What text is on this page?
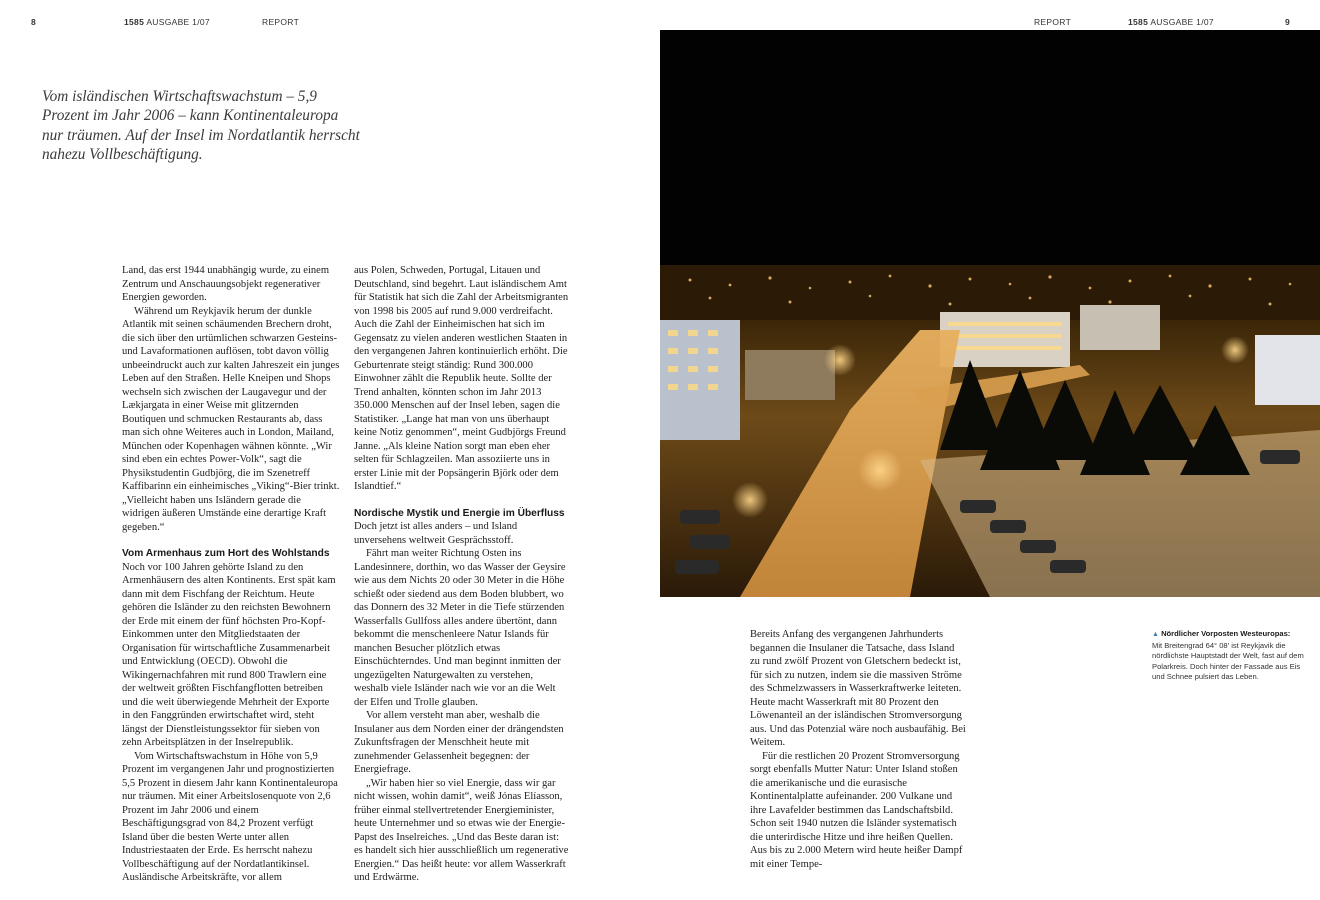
8	1585 AUSGABE 1/07	REPORT	REPORT	1585 AUSGABE 1/07	9

Vom isländischen Wirtschaftswachstum – 5,9 Prozent im Jahr 2006 – kann Kontinentaleuropa nur träumen. Auf der Insel im Nordatlantik herrscht nahezu Vollbeschäftigung.

Land, das erst 1944 unabhängig wurde, zu einem Zentrum und Anschauungsobjekt regenerativer Energien geworden.

Während um Reykjavik herum der dunkle Atlantik mit seinen schäumenden Brechern droht, die sich über den urtümlichen schwarzen Gesteins- und Lavaformationen auflösen, tobt davon völlig unbeeindruckt auch zur kalten Jahreszeit ein junges Leben auf den Straßen. Helle Kneipen und Shops wechseln sich zwischen der Laugavegur und der Lækjargata in einer Weise mit glitzernden Boutiquen und schmucken Restaurants ab, dass man sich ohne Weiteres auch in London, Mailand, München oder Kopenhagen wähnen könnte. „Wir sind eben ein echtes Power-Volk“, sagt die Physikstudentin Gudbjörg, die im Szenetreff Kaffibarinn ein einheimisches „Viking“-Bier trinkt. „Vielleicht haben uns Isländern gerade die widrigen äußeren Umstände eine derartige Kraft gegeben.“

Vom Armenhaus zum Hort des Wohlstands

Noch vor 100 Jahren gehörte Island zu den Armenhäusern des alten Kontinents. Erst spät kam dann mit dem Fischfang der Reichtum. Heute gehören die Isländer zu den reichsten Bewohnern der Erde mit einem der fünf höchsten Pro-Kopf-Einkommen unter den Mitgliedstaaten der Organisation für wirtschaftliche Zusammenarbeit und Entwicklung (OECD). Obwohl die Wikingernachfahren mit rund 800 Trawlern eine der weltweit größten Fischfangflotten betreiben und die weit überwiegende Mehrheit der Exporte in den Fanggründen erwirtschaftet wird, steht längst der Dienstleistungssektor für sieben von zehn Arbeitsplätzen in der Inselrepublik.

Vom Wirtschaftswachstum in Höhe von 5,9 Prozent im vergangenen Jahr und prognostizierten 5,5 Prozent in diesem Jahr kann Kontinentaleuropa nur träumen. Mit einer Arbeitslosenquote von 2,6 Prozent im Jahr 2006 und einem Beschäftigungsgrad von 84,2 Prozent verfügt Island über die besten Werte unter allen Industriestaaten der Erde. Es herrscht nahezu Vollbeschäftigung auf der Nordatlantikinsel. Ausländische Arbeitskräfte, vor allem

aus Polen, Schweden, Portugal, Litauen und Deutschland, sind begehrt. Laut isländischem Amt für Statistik hat sich die Zahl der Arbeitsmigranten von 1998 bis 2005 auf rund 9.000 verdreifacht. Auch die Zahl der Einheimischen hat sich im Gegensatz zu vielen anderen westlichen Staaten in den vergangenen Jahren kontinuierlich erhöht. Die Geburtenrate steigt ständig: Rund 300.000 Einwohner zählt die Republik heute. Sollte der Trend anhalten, könnten schon im Jahr 2013 350.000 Menschen auf der Insel leben, sagen die Statistiker. „Lange hat man von uns überhaupt keine Notiz genommen“, meint Gudbjörgs Freund Janne. „Als kleine Nation sorgt man eben eher selten für Schlagzeilen. Man assoziierte uns in erster Linie mit der Popsängerin Björk oder dem Islandtief.“

Nordische Mystik und Energie im Überfluss

Doch jetzt ist alles anders – und Island unversehens weltweit Gesprächsstoff.

Fährt man weiter Richtung Osten ins Landesinnere, dorthin, wo das Wasser der Geysire wie aus dem Nichts 20 oder 30 Meter in die Höhe schießt oder siedend aus dem Boden blubbert, wo das Donnern des 32 Meter in die Tiefe stürzenden Wasserfalls Gullfoss alles andere übertönt, dann bekommt die menschenleere Natur Islands für manchen Besucher plötzlich etwas Einschüchterndes. Und man beginnt inmitten der ungezügelten Naturgewalten zu verstehen, weshalb viele Isländer nach wie vor an die Welt der Elfen und Trolle glauben.

Vor allem versteht man aber, weshalb die Insulaner aus dem Norden einer der drängendsten Zukunftsfragen der Menschheit heute mit zunehmender Gelassenheit begegnen: der Energiefrage.

„Wir haben hier so viel Energie, dass wir gar nicht wissen, wohin damit“, weiß Jónas Elíasson, früher einmal stellvertretender Energieminister, heute Unternehmer und so etwas wie der Energie-Papst des Inselreiches. „Und das Beste daran ist: es handelt sich hier ausschließlich um regenerative Energien.“ Das heißt heute: vor allem Wasserkraft und Erdwärme.

Bereits Anfang des vergangenen Jahrhunderts begannen die Insulaner die Tatsache, dass Island zu rund zwölf Prozent von Gletschern bedeckt ist, für sich zu nutzen, indem sie die massiven Ströme des Schmelzwassers in Wasserkraftwerke leiteten. Heute macht Wasserkraft mit 80 Prozent den Löwenanteil an der isländischen Stromversorgung aus. Und das Potenzial wäre noch ausbaufähig. Bei Weitem.

Für die restlichen 20 Prozent Stromversorgung sorgt ebenfalls Mutter Natur: Unter Island stoßen die amerikanische und die eurasische Kontinentalplatte aufeinander. 200 Vulkane und ihre Lavafelder bestimmen das Landschaftsbild. Schon seit 1940 nutzen die Isländer systematisch die unterirdische Hitze und ihre heißen Quellen. Aus bis zu 2.000 Metern wird heute heißer Dampf mit einer Tempe-

▲ Nördlicher Vorposten Westeuropas:
Mit Breitengrad 64° 08' ist Reykjavik die nördlichste Hauptstadt der Welt, fast auf dem Polarkreis. Doch hinter der Fassade aus Eis und Schnee pulsiert das Leben.
